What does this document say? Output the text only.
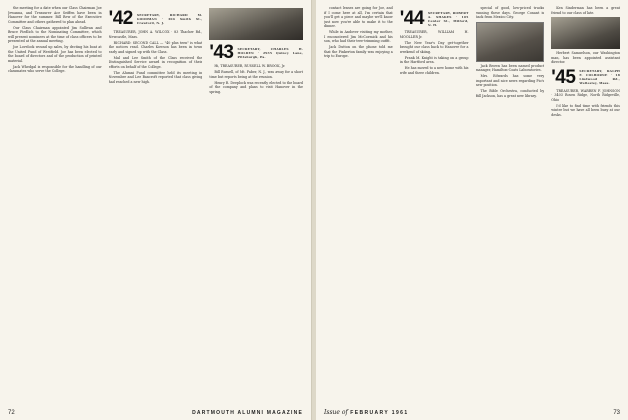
the meeting for a date when our Class Chairman Joe Jewanna, and Treasurer Ace Seiffen have been in Hanover for the summer. Bill Rew of the Executive Committee and others gathered to plan ahead.

Our Class Chairman appointed Jim Sullivan and Bruce Fiedlich to the Nominating Committee, which will present nominees at the time of class officers to be presented at the annual meeting.

Joe Lovelock wound up sales, by decting his boat at the United Fund of Westfield. Joe has been elected to the board of directors and of the production of printed material.

Jack Whedgal is responsible for the handling of our classmates who serve the College.

'42 SECRETARY, RICHARD M. GOODMAN · 304 Smith St., Crawford, N. J.

TREASURER, JOHN A. WILCOX · 83 Thacher Rd., Newcastle, Mass.

RICHARD: SECOND CALL — "40 plus teen" is what the notices read. Charles Kowson has been in town early and signed up with the Class.

Mal and Lee Smith of the Class received the Distinguished Service award in recognition of their efforts on behalf of the College.

The Alumni Fund committee held its meeting in November and Lee Bancroft reported that class giving had reached a new high.

'43 SECRETARY, CHARLES H. HOLDEN · 2935 Quincy Lane, Pittsburgh, Pa.

Hi, TREASURER, RUSSELL W. BROOK, Jr.

Bill Russell, of Mt. Faber, N. J., was away for a short time but reports being at the reunion.

Henry R. Deeplock was recently elected to the board of the company and plans to visit Hanover in the spring.

72	DARTMOUTH ALUMNI MAGAZINE

contact lenses are going for Joe, and if I come here at all, I'm certain that you'll get a piece and maybe we'll know just now you're able to make it to the dinner.

While in Andover visiting my mother, I encountered Jim McCormick and his son, who had their tree-trimming outfit.

Jack Dutton on the phone told me that the Pinkerton family was enjoying a trip to Europe.

'44 SECRETARY, ROBERT A. SHAKES · 105 Center St., Milford, N. H.

TREASURER, WILLIAM H. MOOLLER Jr.

The New Year's Day get-together brought our class back to Hanover for a weekend of skiing.

Frank M. Knight is taking on a group in the Hartford area.

He has moved to a new home with his wife and three children.

special of good, low-priced trucks running these days. George Conant is back from Mexico City.

Jack Brown has been named product manager, Hamilton-Coats Laboratories.

Mrs. Edwards has some very important and nice news regarding Pio's new position.

The Bible Orchestra, conducted by Bill Jackson, has a great new library.

Ken Sinderman has been a great friend to our class of late.

Herbert Samuelson, our Washington man, has been appointed assistant director.

'45 SECRETARY, RALPH F. COLBORNE · 18 Lindwood Rd., Wellesley, Mass.

TREASURER, WARREN F. JOHNSON · 3403 Rosen Ridge, North Ridgeville, Ohio

I'd like to find time with friends this winter but we have all been busy at our desks.

Issue of FEBRUARY 1961	73
